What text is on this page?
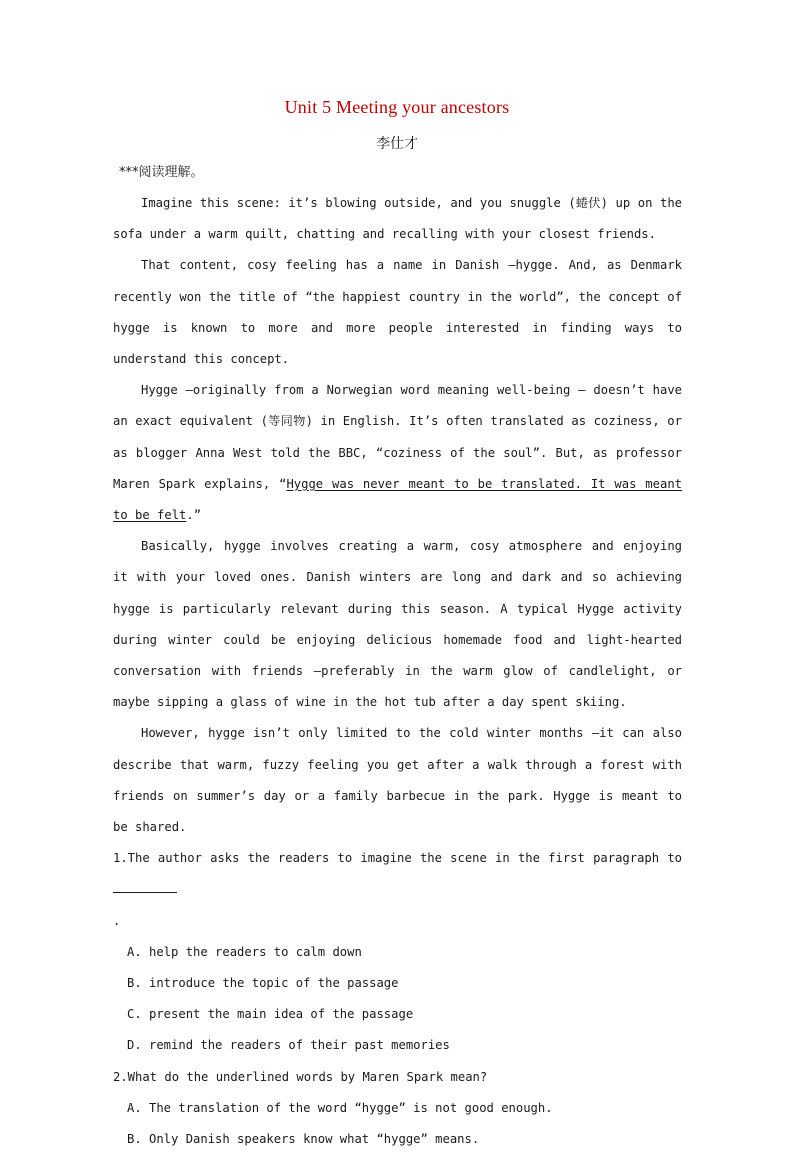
Unit 5 Meeting your ancestors
李仕才
***阅读理解。

Imagine this scene: it’s blowing outside, and you snuggle (蜷伏) up on the sofa under a warm quilt, chatting and recalling with your closest friends.

That content, cosy feeling has a name in Danish —hygge. And, as Denmark recently won the title of “the happiest country in the world”, the concept of hygge is known to more and more people interested in finding ways to understand this concept.

Hygge —originally from a Norwegian word meaning well-being — doesn’t have an exact equivalent (等同物) in English. It’s often translated as coziness, or as blogger Anna West told the BBC, “coziness of the soul”. But, as professor Maren Spark explains, “Hygge was never meant to be translated. It was meant to be felt.”

Basically, hygge involves creating a warm, cosy atmosphere and enjoying it with your loved ones. Danish winters are long and dark and so achieving hygge is particularly relevant during this season. A typical Hygge activity during winter could be enjoying delicious homemade food and light-hearted conversation with friends —preferably in the warm glow of candlelight, or maybe sipping a glass of wine in the hot tub after a day spent skiing.

However, hygge isn’t only limited to the cold winter months —it can also describe that warm, fuzzy feeling you get after a walk through a forest with friends on summer’s day or a family barbecue in the park. Hygge is meant to be shared.

1.The author asks the readers to imagine the scene in the first paragraph to
.
A. help the readers to calm down
B. introduce the topic of the passage
C. present the main idea of the passage
D. remind the readers of their past memories
2.What do the underlined words by Maren Spark mean?
A. The translation of the word “hygge” is not good enough.
B. Only Danish speakers know what “hygge” means.
